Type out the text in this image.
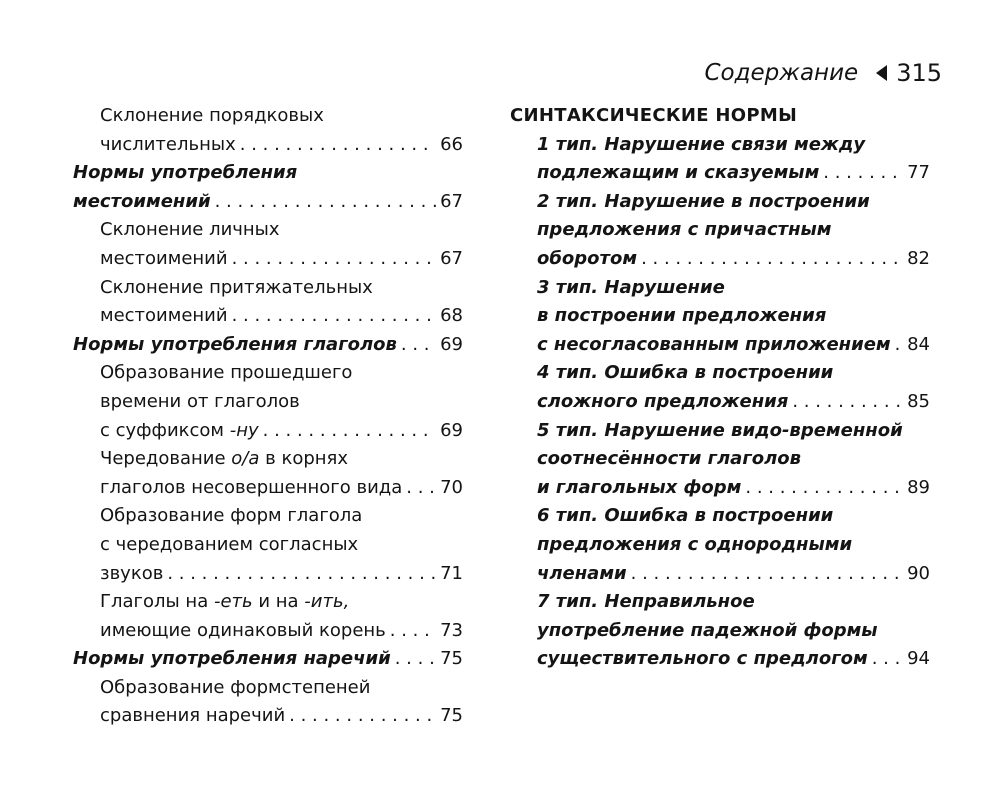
Содержание 315
Склонение порядковых
числительных . . .	66
Нормы употребления
местоимений . . .	67
Склонение личных
местоимений . . .	67
Склонение притяжательных
местоимений . . .	68
Нормы употребления глаголов . . . 69
Образование прошедшего
времени от глаголов
с суффиксом -ну . . .	69
Чередование о/а в корнях
глаголов несовершенного вида . . . 70
Образование форм глагола
с чередованием согласных
звуков . . .	71
Глаголы на -еть и на -ить,
имеющие одинаковый корень . . .	73
Нормы употребления наречий . . .	75
Образование формстепеней
сравнения наречий . . .	75
СИНТАКСИЧЕСКИЕ НОРМЫ
1 тип. Нарушение связи между
подлежащим и сказуемым . . .	77
2 тип. Нарушение в построении
предложения с причастным
оборотом . . .	82
3 тип. Нарушение
в построении предложения
с несогласованным приложением . . . 84
4 тип. Ошибка в построении
сложного предложения . . .	85
5 тип. Нарушение видо-временной
соотнесённости глаголов
и глагольных форм . . .	89
6 тип. Ошибка в построении
предложения с однородными
членами . . .	90
7 тип. Неправильное
употребление падежной формы
существительного с предлогом . . . 94
